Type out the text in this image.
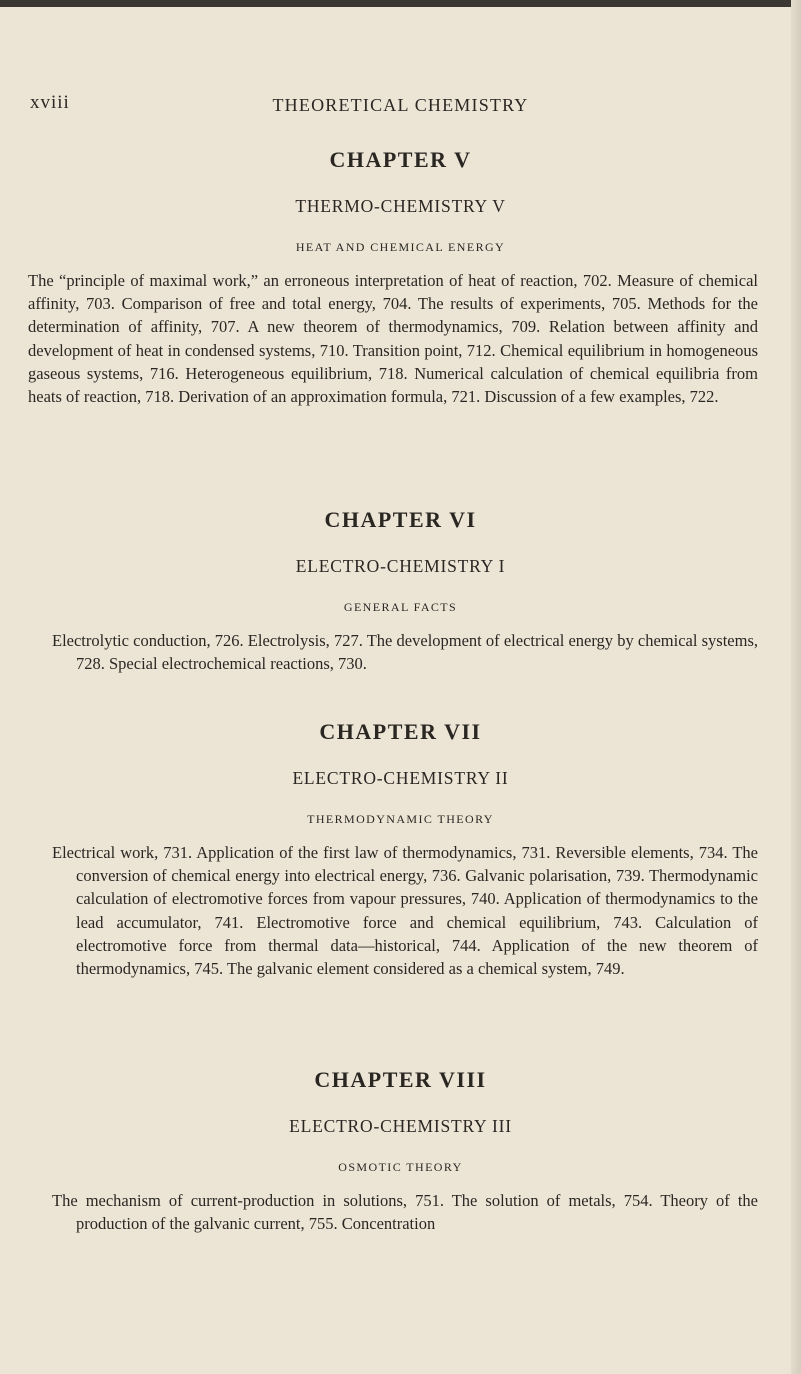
xviii	THEORETICAL CHEMISTRY
CHAPTER V
THERMO-CHEMISTRY V
HEAT AND CHEMICAL ENERGY

The “principle of maximal work,” an erroneous interpretation of heat of reaction, 702. Measure of chemical affinity, 703. Comparison of free and total energy, 704. The results of experiments, 705. Methods for the determination of affinity, 707. A new theorem of thermodynamics, 709. Relation between affinity and development of heat in condensed systems, 710. Transition point, 712. Chemical equilibrium in homogeneous gaseous systems, 716. Heterogeneous equilibrium, 718. Numerical calculation of chemical equilibria from heats of reaction, 718. Derivation of an approximation formula, 721. Discussion of a few examples, 722.

CHAPTER VI
ELECTRO-CHEMISTRY I
GENERAL FACTS

Electrolytic conduction, 726. Electrolysis, 727. The development of electrical energy by chemical systems, 728. Special electrochemical reactions, 730.

CHAPTER VII
ELECTRO-CHEMISTRY II
THERMODYNAMIC THEORY

Electrical work, 731. Application of the first law of thermodynamics, 731. Reversible elements, 734. The conversion of chemical energy into electrical energy, 736. Galvanic polarisation, 739. Thermodynamic calculation of electromotive forces from vapour pressures, 740. Application of thermodynamics to the lead accumulator, 741. Electromotive force and chemical equilibrium, 743. Calculation of electromotive force from thermal data—historical, 744. Application of the new theorem of thermodynamics, 745. The galvanic element considered as a chemical system, 749.

CHAPTER VIII
ELECTRO-CHEMISTRY III
OSMOTIC THEORY

The mechanism of current-production in solutions, 751. The solution of metals, 754. Theory of the production of the galvanic current, 755. Concentration
